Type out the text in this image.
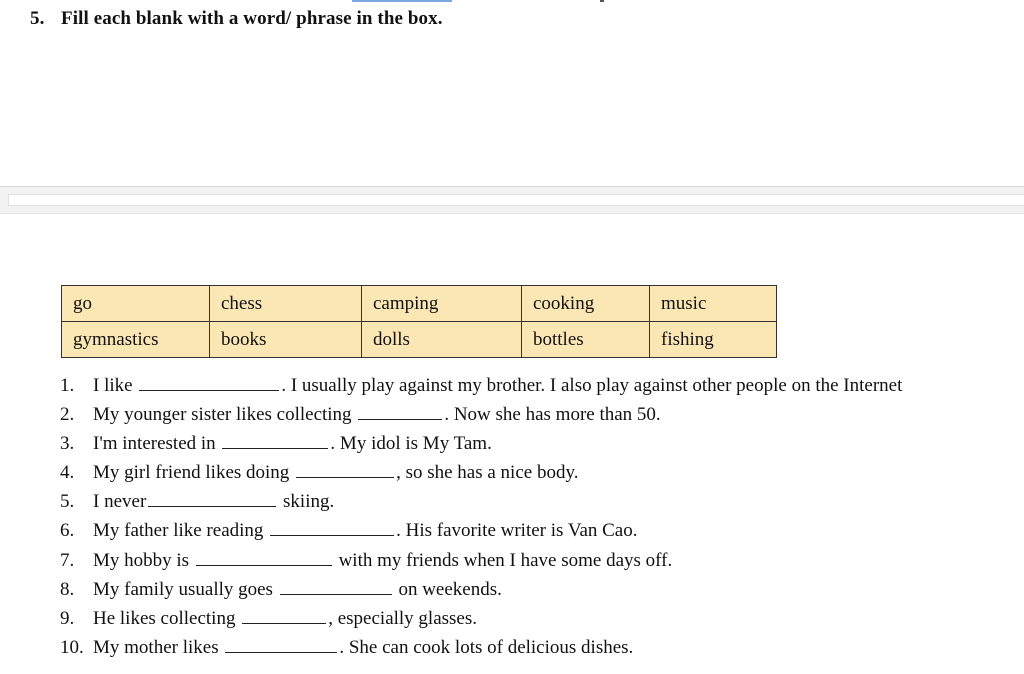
5. Fill each blank with a word/ phrase in the box.
go	chess	camping	cooking	music
gymnastics	books	dolls	bottles	fishing
1. I like	. I usually play against my brother. I also play against other people on the Internet
2. My younger sister likes collecting	. Now she has more than 50.
3. I'm interested in	. My idol is My Tam.
4. My girl friend likes doing	, so she has a nice body.
5. I never	skiing.
6. My father like reading	. His favorite writer is Van Cao.
7. My hobby is	with my friends when I have some days off.
8. My family usually goes	on weekends.
9. He likes collecting	, especially glasses.
10. My mother likes	. She can cook lots of delicious dishes.
